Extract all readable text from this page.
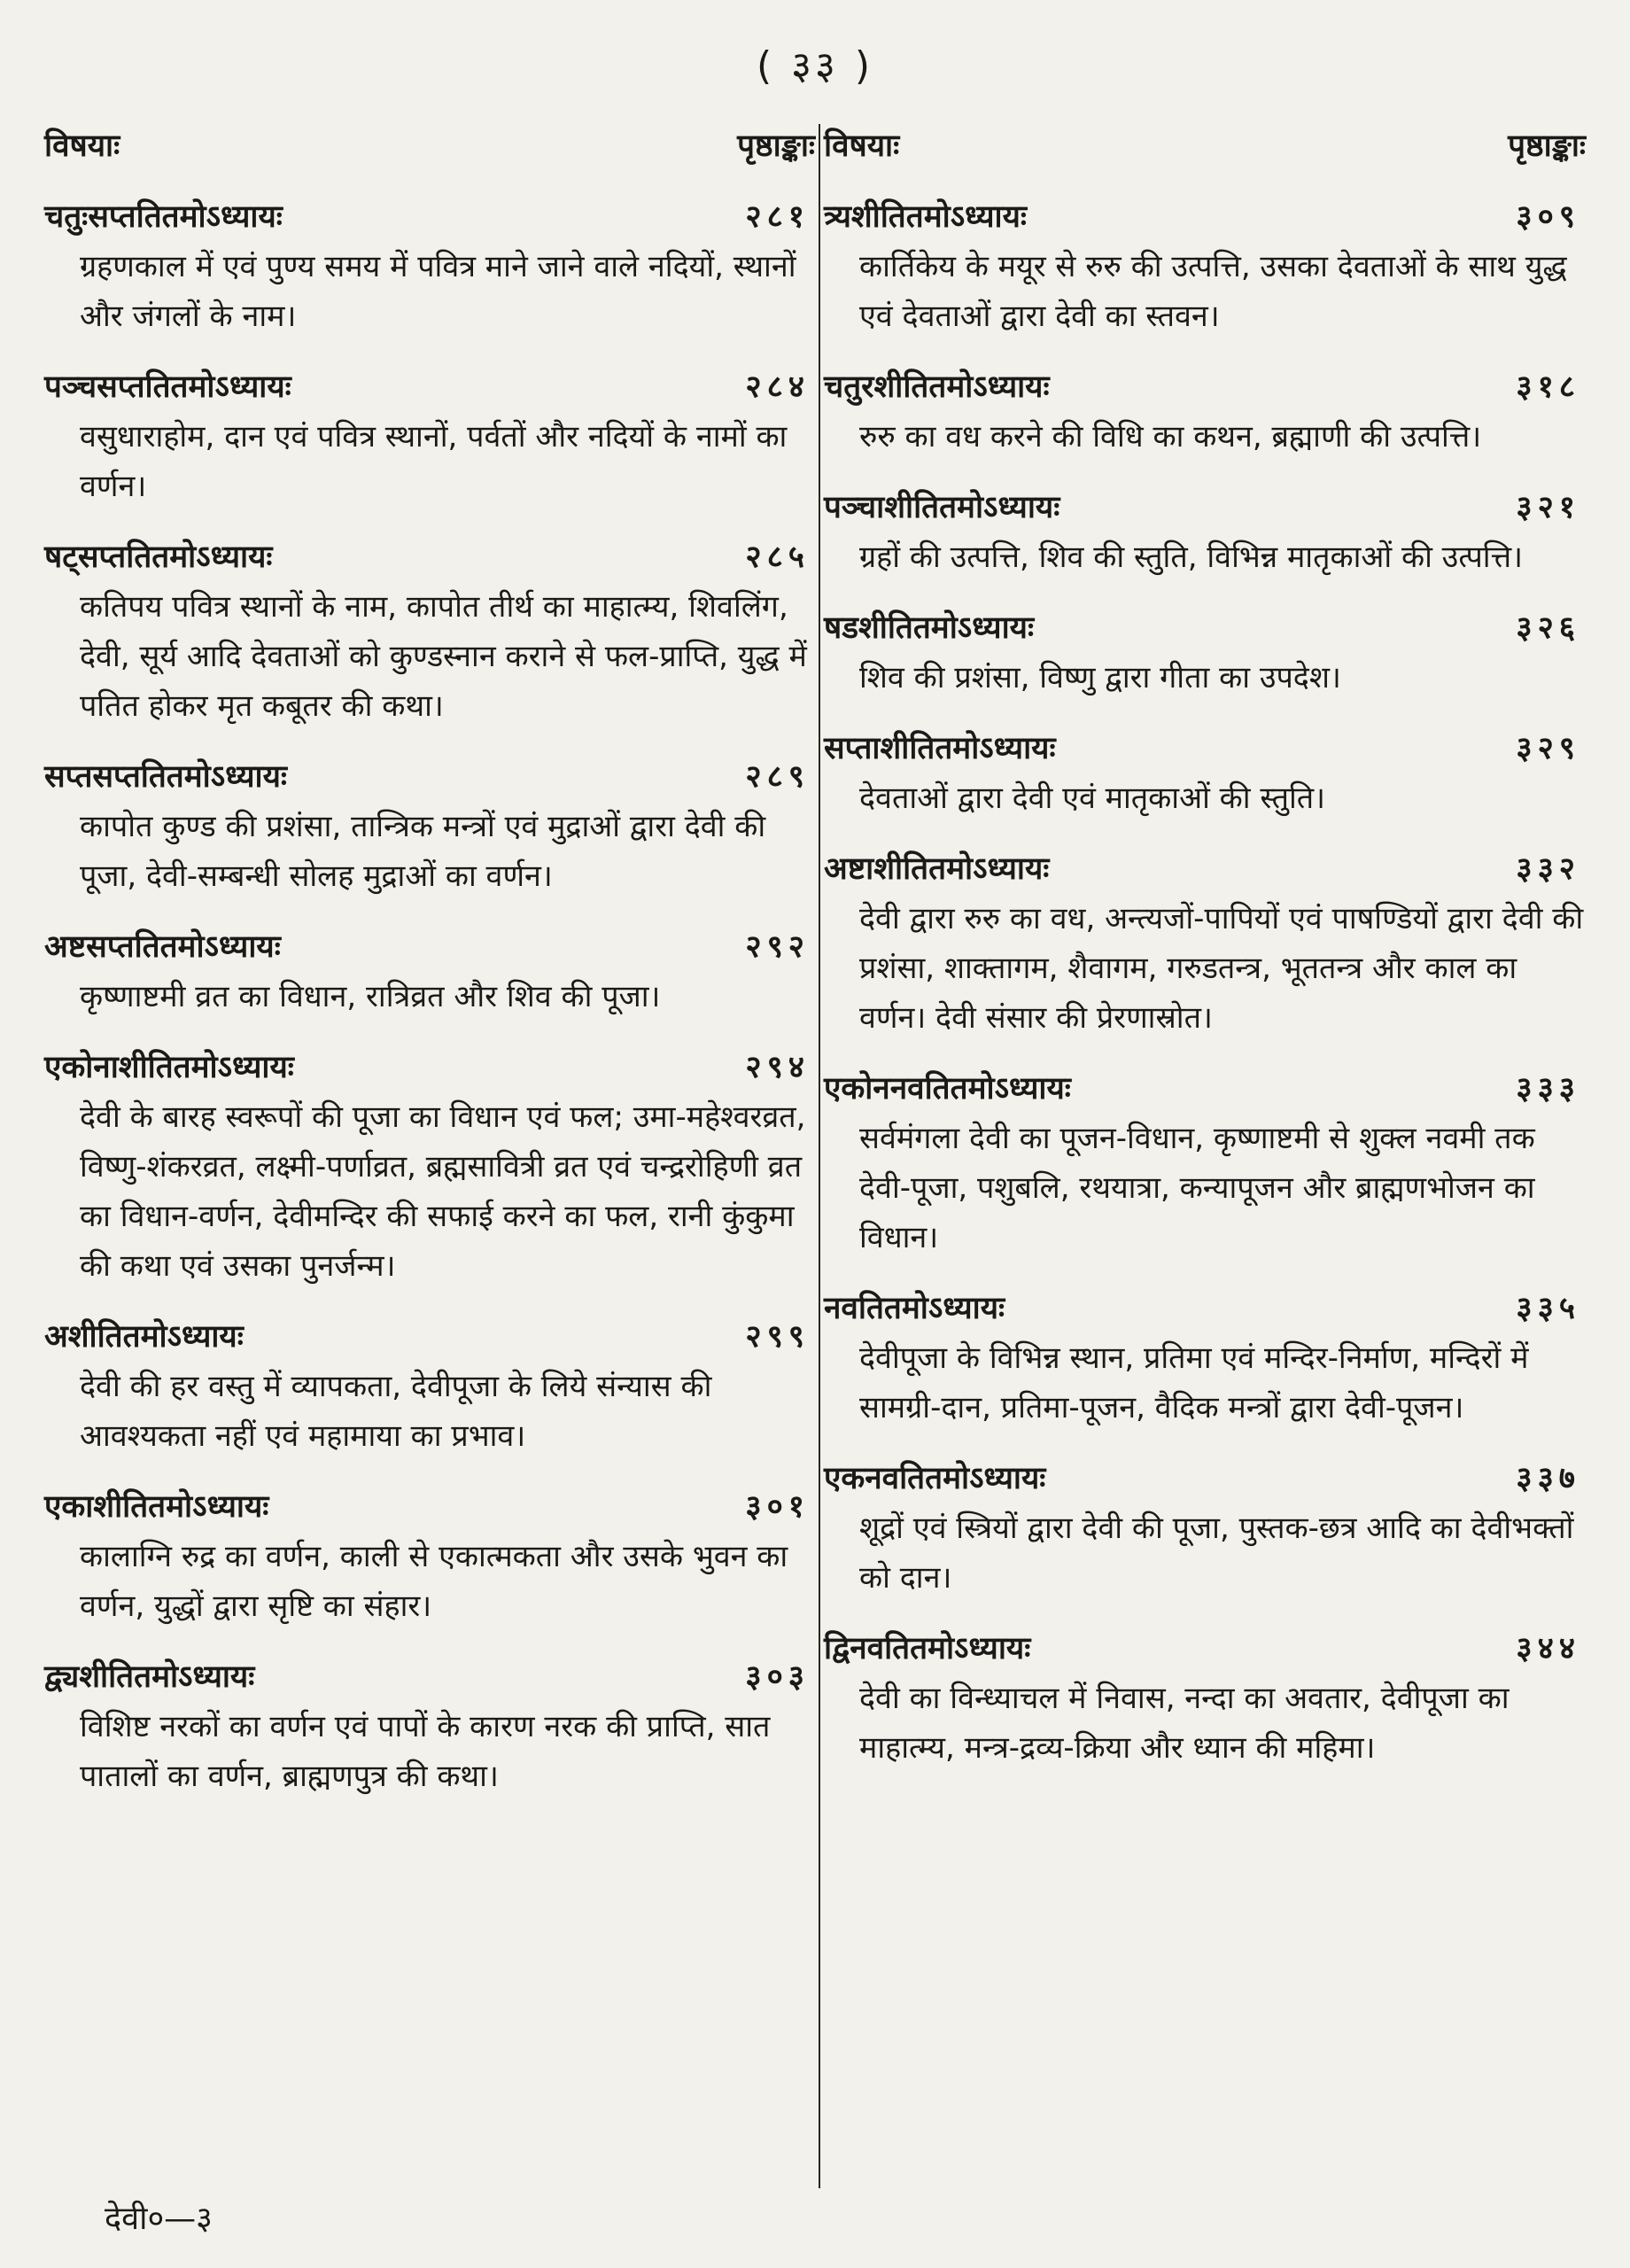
( ३३ )
विषयाः	पृष्ठाङ्काः
चतुःसप्ततितमोऽध्यायः	२८१
ग्रहणकाल में एवं पुण्य समय में पवित्र माने जाने वाले नदियों, स्थानों और जंगलों के नाम।
पञ्चसप्ततितमोऽध्यायः	२८४
वसुधाराहोम, दान एवं पवित्र स्थानों, पर्वतों और नदियों के नामों का वर्णन।
षट्सप्ततितमोऽध्यायः	२८५
कतिपय पवित्र स्थानों के नाम, कापोत तीर्थ का माहात्म्य, शिवलिंग, देवी, सूर्य आदि देवताओं को कुण्डस्नान कराने से फल-प्राप्ति, युद्ध में पतित होकर मृत कबूतर की कथा।
सप्तसप्ततितमोऽध्यायः	२८९
कापोत कुण्ड की प्रशंसा, तान्त्रिक मन्त्रों एवं मुद्राओं द्वारा देवी की पूजा, देवी-सम्बन्धी सोलह मुद्राओं का वर्णन।
अष्टसप्ततितमोऽध्यायः	२९२
कृष्णाष्टमी व्रत का विधान, रात्रिव्रत और शिव की पूजा।
एकोनाशीतितमोऽध्यायः	२९४
देवी के बारह स्वरूपों की पूजा का विधान एवं फल; उमा-महेश्वरव्रत, विष्णु-शंकरव्रत, लक्ष्मी-पर्णाव्रत, ब्रह्मसावित्री व्रत एवं चन्द्ररोहिणी व्रत का विधान-वर्णन, देवीमन्दिर की सफाई करने का फल, रानी कुंकुमा की कथा एवं उसका पुनर्जन्म।
अशीतितमोऽध्यायः	२९९
देवी की हर वस्तु में व्यापकता, देवीपूजा के लिये संन्यास की आवश्यकता नहीं एवं महामाया का प्रभाव।
एकाशीतितमोऽध्यायः	३०१
कालाग्नि रुद्र का वर्णन, काली से एकात्मकता और उसके भुवन का वर्णन, युद्धों द्वारा सृष्टि का संहार।
द्व्यशीतितमोऽध्यायः	३०३
विशिष्ट नरकों का वर्णन एवं पापों के कारण नरक की प्राप्ति, सात पातालों का वर्णन, ब्राह्मणपुत्र की कथा।
विषयाः	पृष्ठाङ्काः
त्र्यशीतितमोऽध्यायः	३०९
कार्तिकेय के मयूर से रुरु की उत्पत्ति, उसका देवताओं के साथ युद्ध एवं देवताओं द्वारा देवी का स्तवन।
चतुरशीतितमोऽध्यायः	३१८
रुरु का वध करने की विधि का कथन, ब्रह्माणी की उत्पत्ति।
पञ्चाशीतितमोऽध्यायः	३२१
ग्रहों की उत्पत्ति, शिव की स्तुति, विभिन्न मातृकाओं की उत्पत्ति।
षडशीतितमोऽध्यायः	३२६
शिव की प्रशंसा, विष्णु द्वारा गीता का उपदेश।
सप्ताशीतितमोऽध्यायः	३२९
देवताओं द्वारा देवी एवं मातृकाओं की स्तुति।
अष्टाशीतितमोऽध्यायः	३३२
देवी द्वारा रुरु का वध, अन्त्यजों-पापियों एवं पाषण्डियों द्वारा देवी की प्रशंसा, शाक्तागम, शैवागम, गरुडतन्त्र, भूततन्त्र और काल का वर्णन। देवी संसार की प्रेरणास्रोत।
एकोननवतितमोऽध्यायः	३३३
सर्वमंगला देवी का पूजन-विधान, कृष्णाष्टमी से शुक्ल नवमी तक देवी-पूजा, पशुबलि, रथयात्रा, कन्यापूजन और ब्राह्मणभोजन का विधान।
नवतितमोऽध्यायः	३३५
देवीपूजा के विभिन्न स्थान, प्रतिमा एवं मन्दिर-निर्माण, मन्दिरों में सामग्री-दान, प्रतिमा-पूजन, वैदिक मन्त्रों द्वारा देवी-पूजन।
एकनवतितमोऽध्यायः	३३७
शूद्रों एवं स्त्रियों द्वारा देवी की पूजा, पुस्तक-छत्र आदि का देवीभक्तों को दान।
द्विनवतितमोऽध्यायः	३४४
देवी का विन्ध्याचल में निवास, नन्दा का अवतार, देवीपूजा का माहात्म्य, मन्त्र-द्रव्य-क्रिया और ध्यान की महिमा।
देवी०—३
